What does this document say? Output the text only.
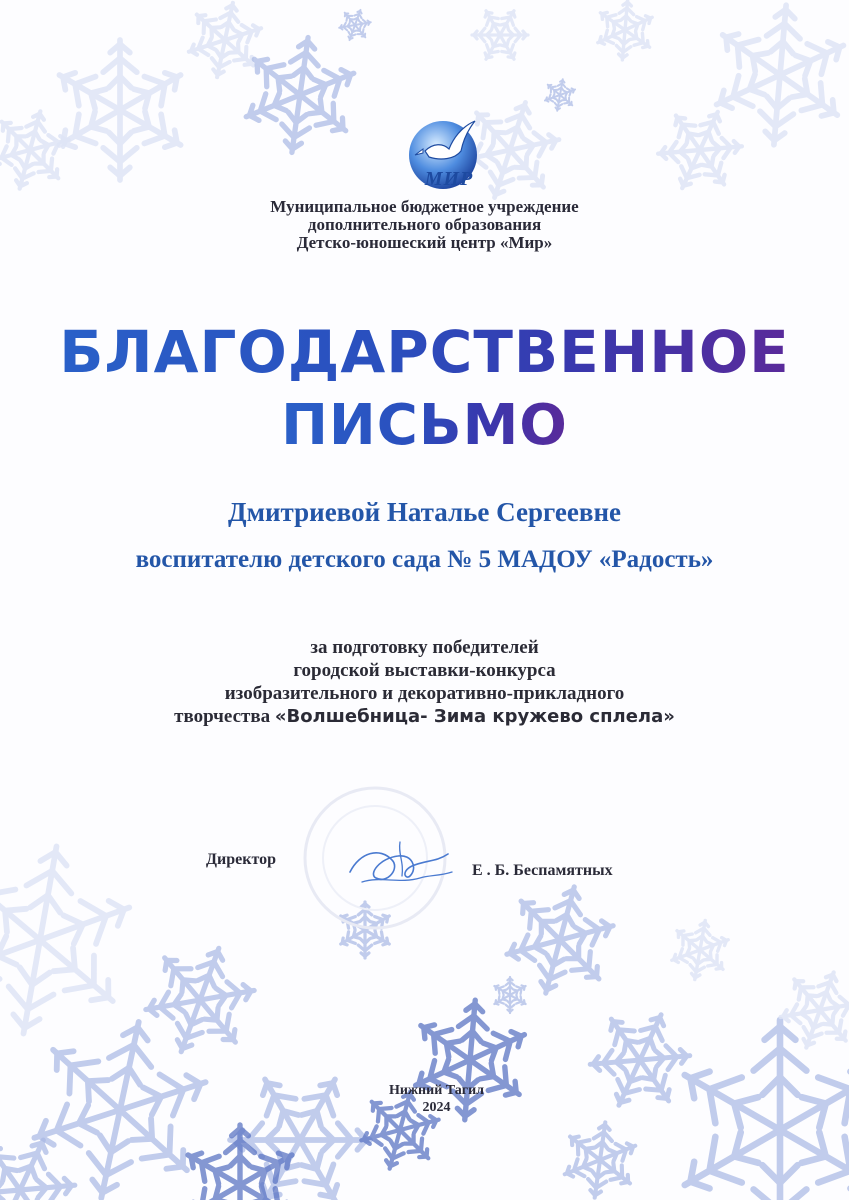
МИР
Муниципальное бюджетное учреждение
дополнительного образования
Детско-юношеский центр «Мир»
БЛАГОДАРСТВЕННОЕ
ПИСЬМО
Дмитриевой Наталье Сергеевне
воспитателю детского сада № 5 МАДОУ «Радость»
за подготовку победителей
городской выставки-конкурса
изобразительного и декоративно-прикладного
творчества «Волшебница- Зима кружево сплела»
Директор
Е . Б. Беспамятных
Нижний Тагил
2024
